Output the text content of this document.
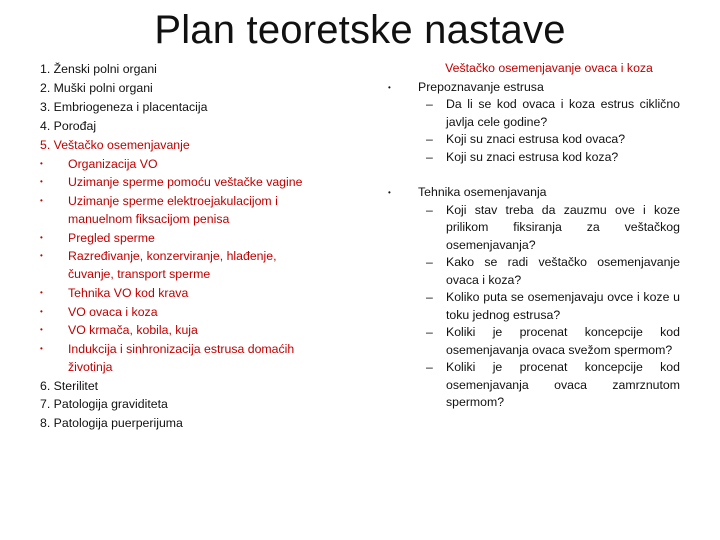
Plan teoretske nastave

1. Ženski polni organi

2. Muški polni organi

3. Embriogeneza i placentacija

4. Porođaj

5. Veštačko osemenjavanje

•	Organizacija VO
•	Uzimanje sperme pomoću veštačke vagine
•	Uzimanje sperme elektroejakulacijom i manuelnom fiksacijom penisa
•	Pregled sperme
•	Razređivanje, konzerviranje, hlađenje, čuvanje, transport sperme
•	Tehnika VO kod krava
•	VO ovaca i koza
•	VO krmača, kobila, kuja
•	Indukcija i sinhronizacija estrusa domaćih životinja

6. Sterilitet

7. Patologija graviditeta

8. Patologija puerperijuma

Veštačko osemenjavanje ovaca i koza

•	Prepoznavanje estrusa
–	Da li se kod ovaca i koza estrus ciklično javlja cele godine?
–	Koji su znaci estrusa kod ovaca?
–	Koji su znaci estrusa kod koza?
•	Tehnika osemenjavanja
–	Koji stav treba da zauzmu ove i koze prilikom fiksiranja za veštačkog osemenjavanja?
–	Kako se radi veštačko osemenjavanje ovaca i koza?
–	Koliko puta se osemenjavaju ovce i koze u toku jednog estrusa?
–	Koliki je procenat koncepcije kod osemenjavanja ovaca svežom spermom?
–	Koliki je procenat koncepcije kod osemenjavanja ovaca zamrznutom spermom?
